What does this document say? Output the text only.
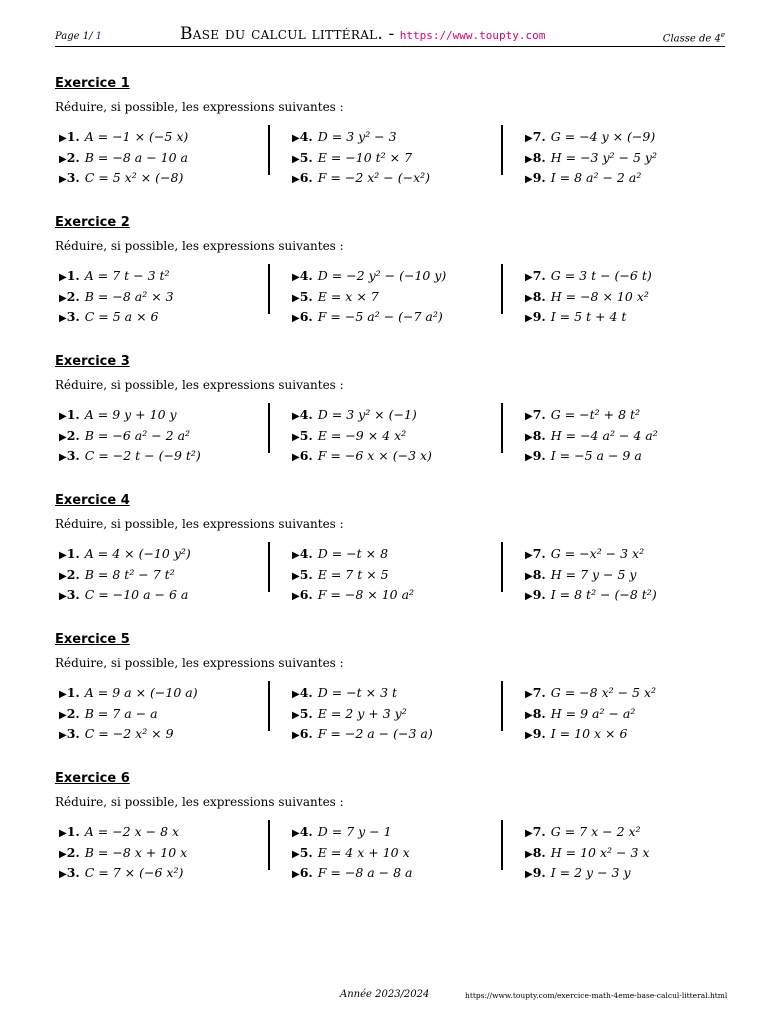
Page 1/ 1	Base du calcul littéral. - https://www.toupty.com	Classe de 4e
Exercice 1
Réduire, si possible, les expressions suivantes :
▶1. A = −1 × (−5 x)
▶2. B = −8 a − 10 a
▶3. C = 5 x² × (−8)
▶4. D = 3 y² − 3
▶5. E = −10 t² × 7
▶6. F = −2 x² − (−x²)
▶7. G = −4 y × (−9)
▶8. H = −3 y² − 5 y²
▶9. I = 8 a² − 2 a²
Exercice 2
Réduire, si possible, les expressions suivantes :
▶1. A = 7 t − 3 t²
▶2. B = −8 a² × 3
▶3. C = 5 a × 6
▶4. D = −2 y² − (−10 y)
▶5. E = x × 7
▶6. F = −5 a² − (−7 a²)
▶7. G = 3 t − (−6 t)
▶8. H = −8 × 10 x²
▶9. I = 5 t + 4 t
Exercice 3
Réduire, si possible, les expressions suivantes :
▶1. A = 9 y + 10 y
▶2. B = −6 a² − 2 a²
▶3. C = −2 t − (−9 t²)
▶4. D = 3 y² × (−1)
▶5. E = −9 × 4 x²
▶6. F = −6 x × (−3 x)
▶7. G = −t² + 8 t²
▶8. H = −4 a² − 4 a²
▶9. I = −5 a − 9 a
Exercice 4
Réduire, si possible, les expressions suivantes :
▶1. A = 4 × (−10 y²)
▶2. B = 8 t² − 7 t²
▶3. C = −10 a − 6 a
▶4. D = −t × 8
▶5. E = 7 t × 5
▶6. F = −8 × 10 a²
▶7. G = −x² − 3 x²
▶8. H = 7 y − 5 y
▶9. I = 8 t² − (−8 t²)
Exercice 5
Réduire, si possible, les expressions suivantes :
▶1. A = 9 a × (−10 a)
▶2. B = 7 a − a
▶3. C = −2 x² × 9
▶4. D = −t × 3 t
▶5. E = 2 y + 3 y²
▶6. F = −2 a − (−3 a)
▶7. G = −8 x² − 5 x²
▶8. H = 9 a² − a²
▶9. I = 10 x × 6
Exercice 6
Réduire, si possible, les expressions suivantes :
▶1. A = −2 x − 8 x
▶2. B = −8 x + 10 x
▶3. C = 7 × (−6 x²)
▶4. D = 7 y − 1
▶5. E = 4 x + 10 x
▶6. F = −8 a − 8 a
▶7. G = 7 x − 2 x²
▶8. H = 10 x² − 3 x
▶9. I = 2 y − 3 y
Année 2023/2024	https://www.toupty.com/exercice-math-4eme-base-calcul-litteral.html
